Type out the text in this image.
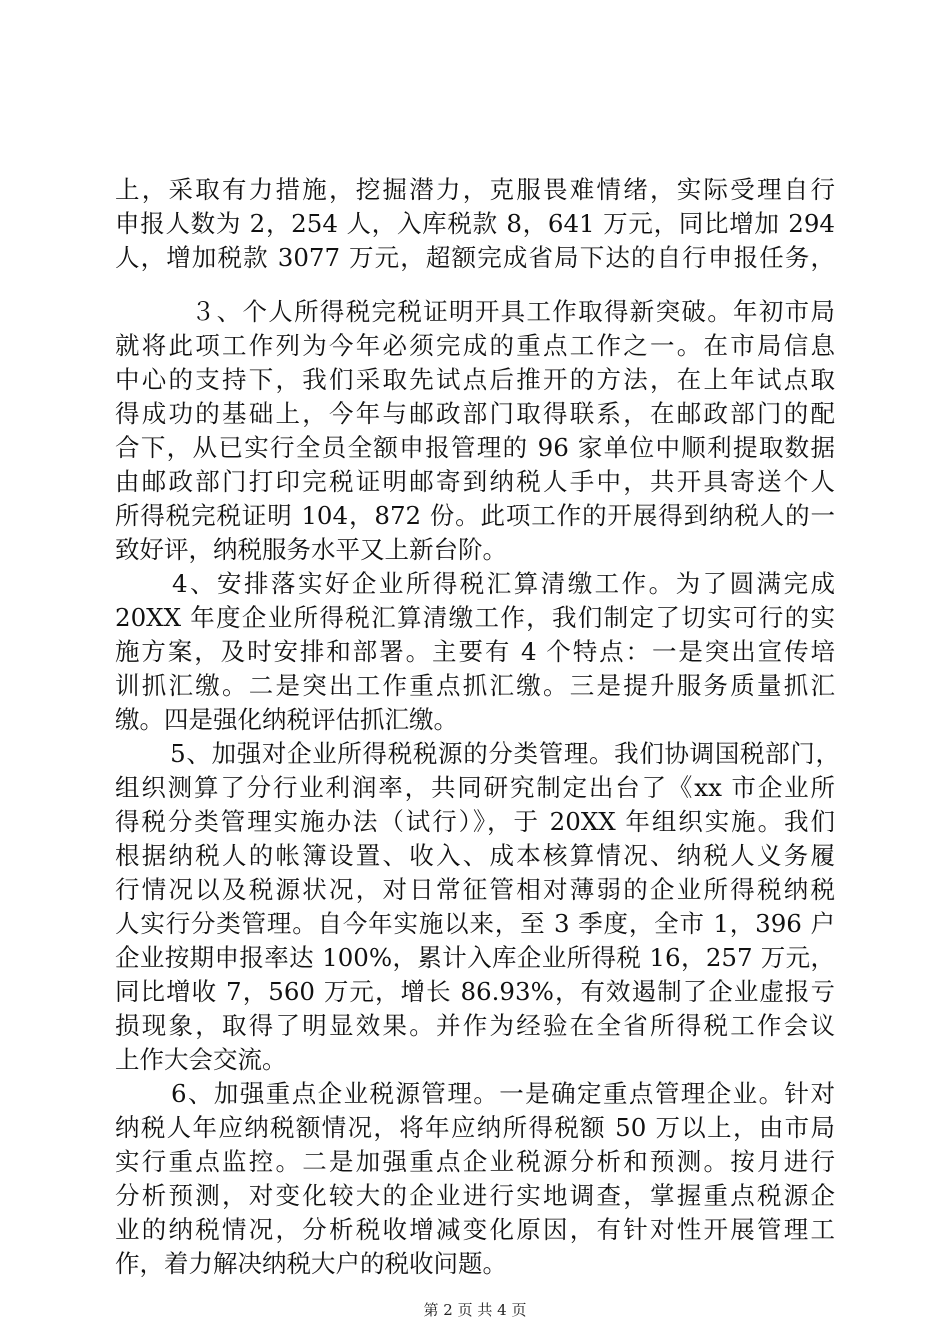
上，采取有力措施，挖掘潜力，克服畏难情绪，实际受理自行
申报人数为 2，254 人，入库税款 8，641 万元，同比增加 294
人，增加税款 3077 万元，超额完成省局下达的自行申报任务，
　３、个人所得税完税证明开具工作取得新突破。年初市局
就将此项工作列为今年必须完成的重点工作之一。在市局信息
中心的支持下，我们采取先试点后推开的方法，在上年试点取
得成功的基础上，今年与邮政部门取得联系，在邮政部门的配
合下，从已实行全员全额申报管理的 96 家单位中顺利提取数据
由邮政部门打印完税证明邮寄到纳税人手中，共开具寄送个人
所得税完税证明 104，872 份。此项工作的开展得到纳税人的一
致好评，纳税服务水平又上新台阶。
　4、安排落实好企业所得税汇算清缴工作。为了圆满完成
20XX 年度企业所得税汇算清缴工作，我们制定了切实可行的实
施方案，及时安排和部署。主要有 4 个特点：一是突出宣传培
训抓汇缴。二是突出工作重点抓汇缴。三是提升服务质量抓汇
缴。四是强化纳税评估抓汇缴。
　5、加强对企业所得税税源的分类管理。我们协调国税部门，
组织测算了分行业利润率，共同研究制定出台了《xx 市企业所
得税分类管理实施办法（试行）》，于 20XX 年组织实施。我们
根据纳税人的帐簿设置、收入、成本核算情况、纳税人义务履
行情况以及税源状况，对日常征管相对薄弱的企业所得税纳税
人实行分类管理。自今年实施以来，至 3 季度，全市 1，396 户
企业按期申报率达 100%，累计入库企业所得税 16，257 万元，
同比增收 7，560 万元，增长 86.93%，有效遏制了企业虚报亏
损现象，取得了明显效果。并作为经验在全省所得税工作会议
上作大会交流。
　6、加强重点企业税源管理。一是确定重点管理企业。针对
纳税人年应纳税额情况，将年应纳所得税额 50 万以上，由市局
实行重点监控。二是加强重点企业税源分析和预测。按月进行
分析预测，对变化较大的企业进行实地调查，掌握重点税源企
业的纳税情况，分析税收增减变化原因，有针对性开展管理工
作，着力解决纳税大户的税收问题。
第 2 页 共 4 页
